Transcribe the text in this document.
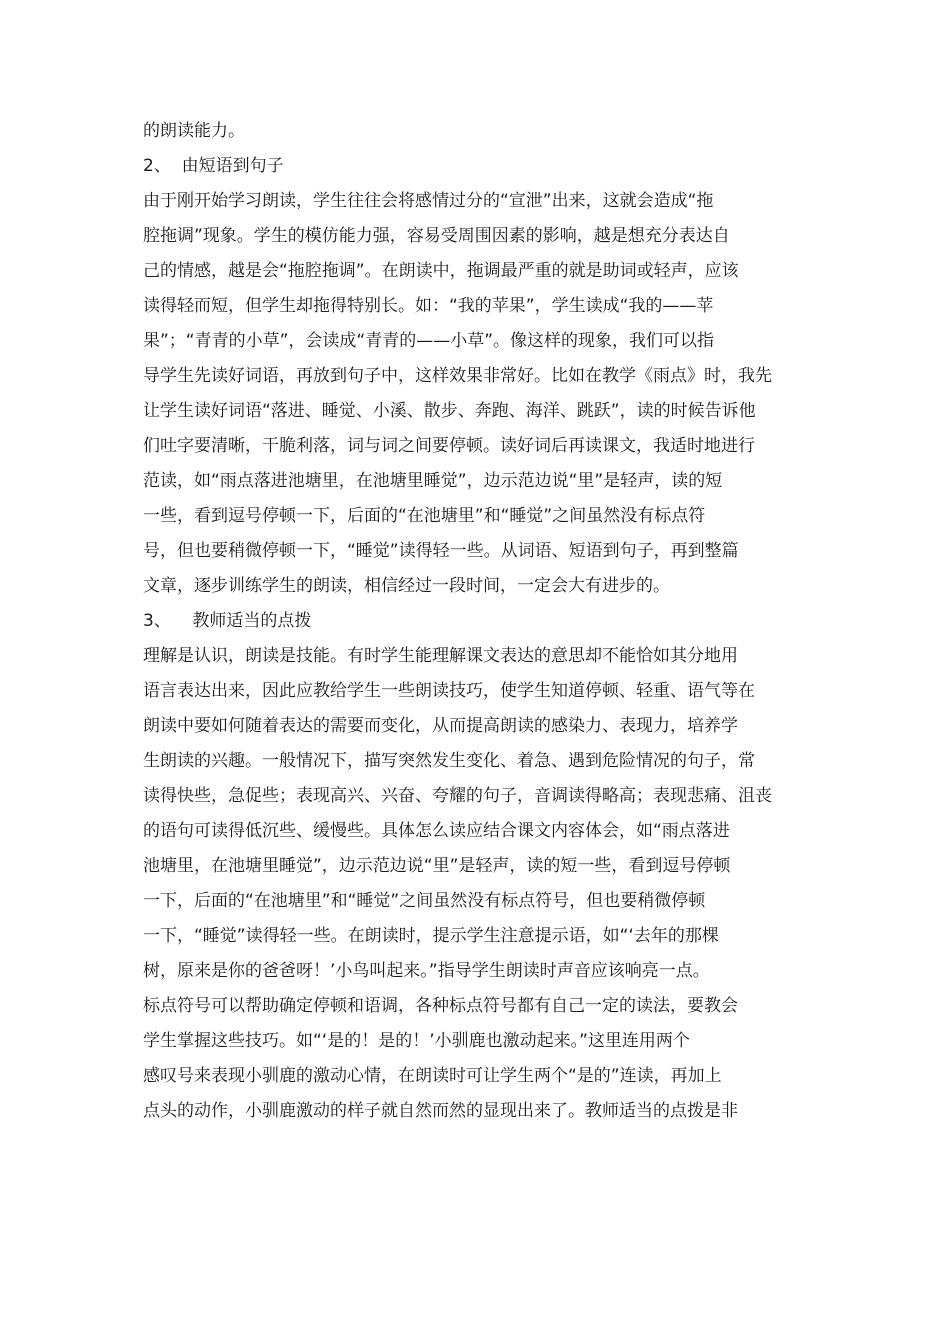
的朗读能力。
2、  由短语到句子
由于刚开始学习朗读，学生往往会将感情过分的“宣泄”出来，这就会造成“拖
腔拖调”现象。学生的模仿能力强，容易受周围因素的影响，越是想充分表达自
己的情感，越是会“拖腔拖调”。在朗读中，拖调最严重的就是助词或轻声，应该
读得轻而短，但学生却拖得特别长。如：“我的苹果”，学生读成“我的——苹
果”；“青青的小草”，会读成“青青的——小草”。像这样的现象，我们可以指
导学生先读好词语，再放到句子中，这样效果非常好。比如在教学《雨点》时，我先
让学生读好词语“落进、睡觉、小溪、散步、奔跑、海洋、跳跃”，读的时候告诉他
们吐字要清晰，干脆利落，词与词之间要停顿。读好词后再读课文，我适时地进行
范读，如“雨点落进池塘里，在池塘里睡觉”，边示范边说“里”是轻声，读的短
一些，看到逗号停顿一下，后面的“在池塘里”和“睡觉”之间虽然没有标点符
号，但也要稍微停顿一下，“睡觉”读得轻一些。从词语、短语到句子，再到整篇
文章，逐步训练学生的朗读，相信经过一段时间，一定会大有进步的。
3、    教师适当的点拨
理解是认识，朗读是技能。有时学生能理解课文表达的意思却不能恰如其分地用
语言表达出来，因此应教给学生一些朗读技巧，使学生知道停顿、轻重、语气等在
朗读中要如何随着表达的需要而变化，从而提高朗读的感染力、表现力，培养学
生朗读的兴趣。一般情况下，描写突然发生变化、着急、遇到危险情况的句子，常
读得快些，急促些；表现高兴、兴奋、夸耀的句子，音调读得略高；表现悲痛、沮丧
的语句可读得低沉些、缓慢些。具体怎么读应结合课文内容体会，如“雨点落进
池塘里，在池塘里睡觉”，边示范边说“里”是轻声，读的短一些，看到逗号停顿
一下，后面的“在池塘里”和“睡觉”之间虽然没有标点符号，但也要稍微停顿
一下，“睡觉”读得轻一些。在朗读时，提示学生注意提示语，如“‘去年的那棵
树，原来是你的爸爸呀！’小鸟叫起来。”指导学生朗读时声音应该响亮一点。
标点符号可以帮助确定停顿和语调，各种标点符号都有自己一定的读法，要教会
学生掌握这些技巧。如“‘是的！是的！’小驯鹿也激动起来。”这里连用两个
感叹号来表现小驯鹿的激动心情，在朗读时可让学生两个“是的”连读，再加上
点头的动作，小驯鹿激动的样子就自然而然的显现出来了。教师适当的点拨是非
